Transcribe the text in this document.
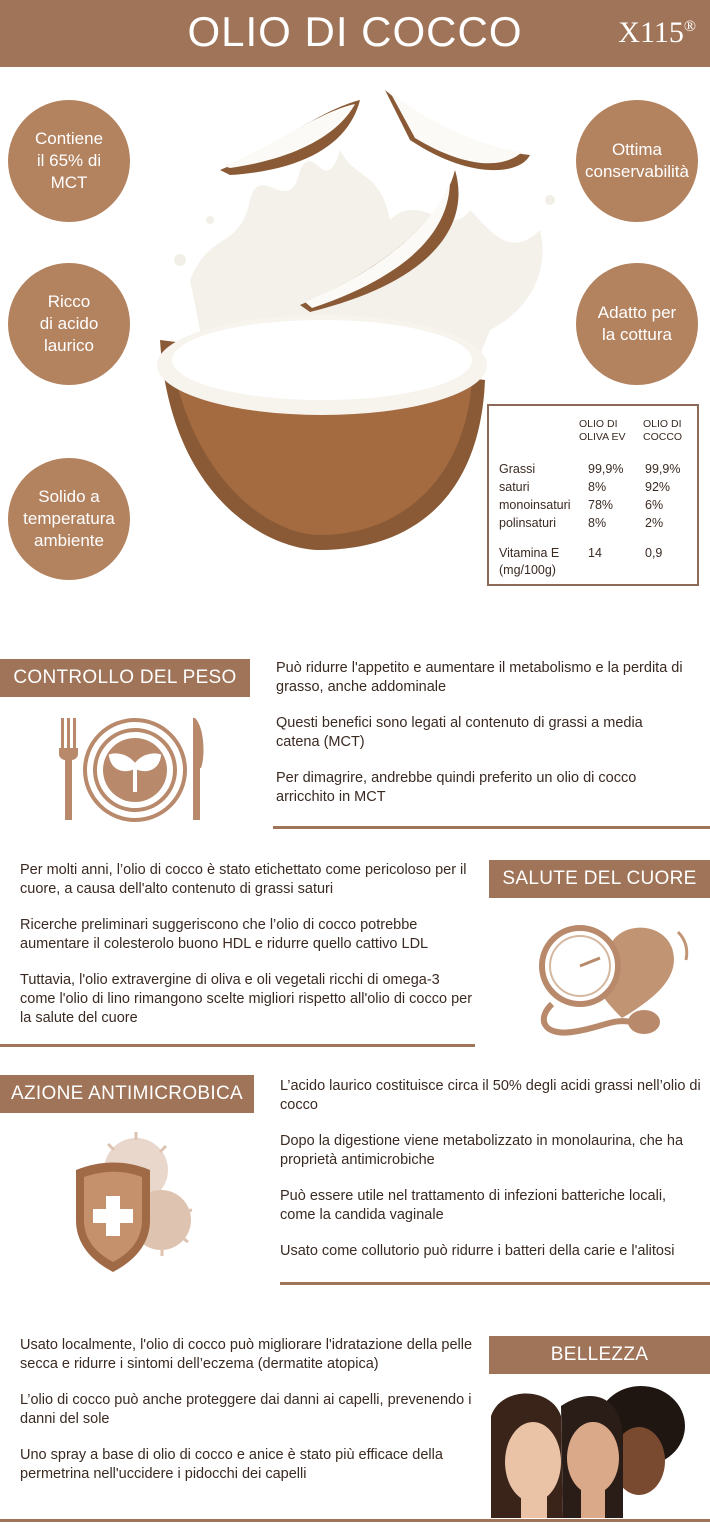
OLIO DI COCCO	X115®
Contiene
il 65% di
MCT
Ricco
di acido
laurico
Solido a
temperatura
ambiente
Ottima
conservabilità
Adatto per
la cottura
OLIO DI
OLIVA EV
OLIO DI
COCCO
Grassi	99,9% 99,9%
saturi	8%	92%
monoinsaturi 78%	6%
polinsaturi	8%	2%
Vitamina E 14	0,9
(mg/100g)
CONTROLLO DEL PESO	Può ridurre l'appetito e aumentare il metabolismo e la perdita di grasso, anche addominale

Questi benefici sono legati al contenuto di grassi a media catena (MCT)

Per dimagrire, andrebbe quindi preferito un olio di cocco arricchito in MCT

Per molti anni, l’olio di cocco è stato etichettato come pericoloso per il cuore, a causa dell'alto contenuto di grassi saturi

Ricerche preliminari suggeriscono che l’olio di cocco potrebbe aumentare il colesterolo buono HDL e ridurre quello cattivo LDL

Tuttavia, l'olio extravergine di oliva e oli vegetali ricchi di omega-3 come l'olio di lino rimangono scelte migliori rispetto all'olio di cocco per la salute del cuore

SALUTE DEL CUORE
AZIONE ANTIMICROBICA	L’acido laurico costituisce circa il 50% degli acidi grassi nell’olio di cocco

Dopo la digestione viene metabolizzato in monolaurina, che ha proprietà antimicrobiche

Può essere utile nel trattamento di infezioni batteriche locali, come la candida vaginale

Usato come collutorio può ridurre i batteri della carie e l'alitosi

Usato localmente, l'olio di cocco può migliorare l'idratazione della pelle secca e ridurre i sintomi dell’eczema (dermatite atopica)

L’olio di cocco può anche proteggere dai danni ai capelli, prevenendo i danni del sole

Uno spray a base di olio di cocco e anice è stato più efficace della permetrina nell'uccidere i pidocchi dei capelli

BELLEZZA
